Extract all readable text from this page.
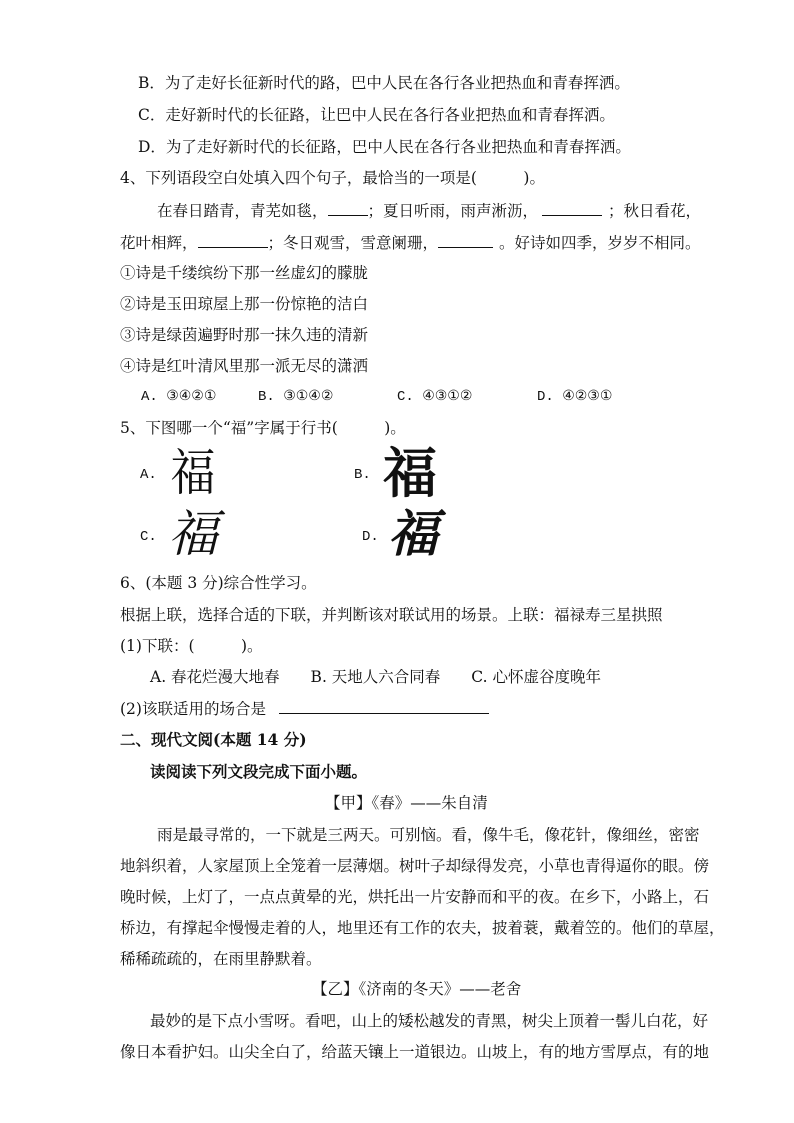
B．为了走好长征新时代的路，巴中人民在各行各业把热血和青春挥洒。
C．走好新时代的长征路，让巴中人民在各行各业把热血和青春挥洒。
D．为了走好新时代的长征路，巴中人民在各行各业把热血和青春挥洒。
4、下列语段空白处填入四个句子，最恰当的一项是(　　　)。
在春日踏青，青芜如毯，	；夏日听雨，雨声淅沥，	；秋日看花，
花叶相辉，	；冬日观雪，雪意阑珊，	。好诗如四季，岁岁不相同。
①诗是千缕缤纷下那一丝虚幻的朦胧
②诗是玉田琼屋上那一份惊艳的洁白
③诗是绿茵遍野时那一抹久违的清新
④诗是红叶清风里那一派无尽的潇洒
A. ③④②①	B. ③①④②	C. ④③①②	D. ④②③①
5、下图哪一个“福”字属于行书(　　　)。
A. 福	B. 福
C. 福	D. 福
6、(本题 3 分)综合性学习。
根据上联，选择合适的下联，并判断该对联试用的场景。上联：福禄寿三星拱照
(1)下联：(　　　)。
A. 春花烂漫大地春　　B. 天地人六合同春　　C. 心怀虚谷度晚年
(2)该联适用的场合是
二、现代文阅(本题 14 分)
读阅读下列文段完成下面小题。
【甲】《春》——朱自清
雨是最寻常的，一下就是三两天。可别恼。看，像牛毛，像花针，像细丝，密密
地斜织着，人家屋顶上全笼着一层薄烟。树叶子却绿得发亮，小草也青得逼你的眼。傍
晚时候，上灯了，一点点黄晕的光，烘托出一片安静而和平的夜。在乡下，小路上，石
桥边，有撑起伞慢慢走着的人，地里还有工作的农夫，披着蓑，戴着笠的。他们的草屋，
稀稀疏疏的，在雨里静默着。
【乙】《济南的冬天》——老舍
最妙的是下点小雪呀。看吧，山上的矮松越发的青黑，树尖上顶着一髻儿白花，好
像日本看护妇。山尖全白了，给蓝天镶上一道银边。山坡上，有的地方雪厚点，有的地
